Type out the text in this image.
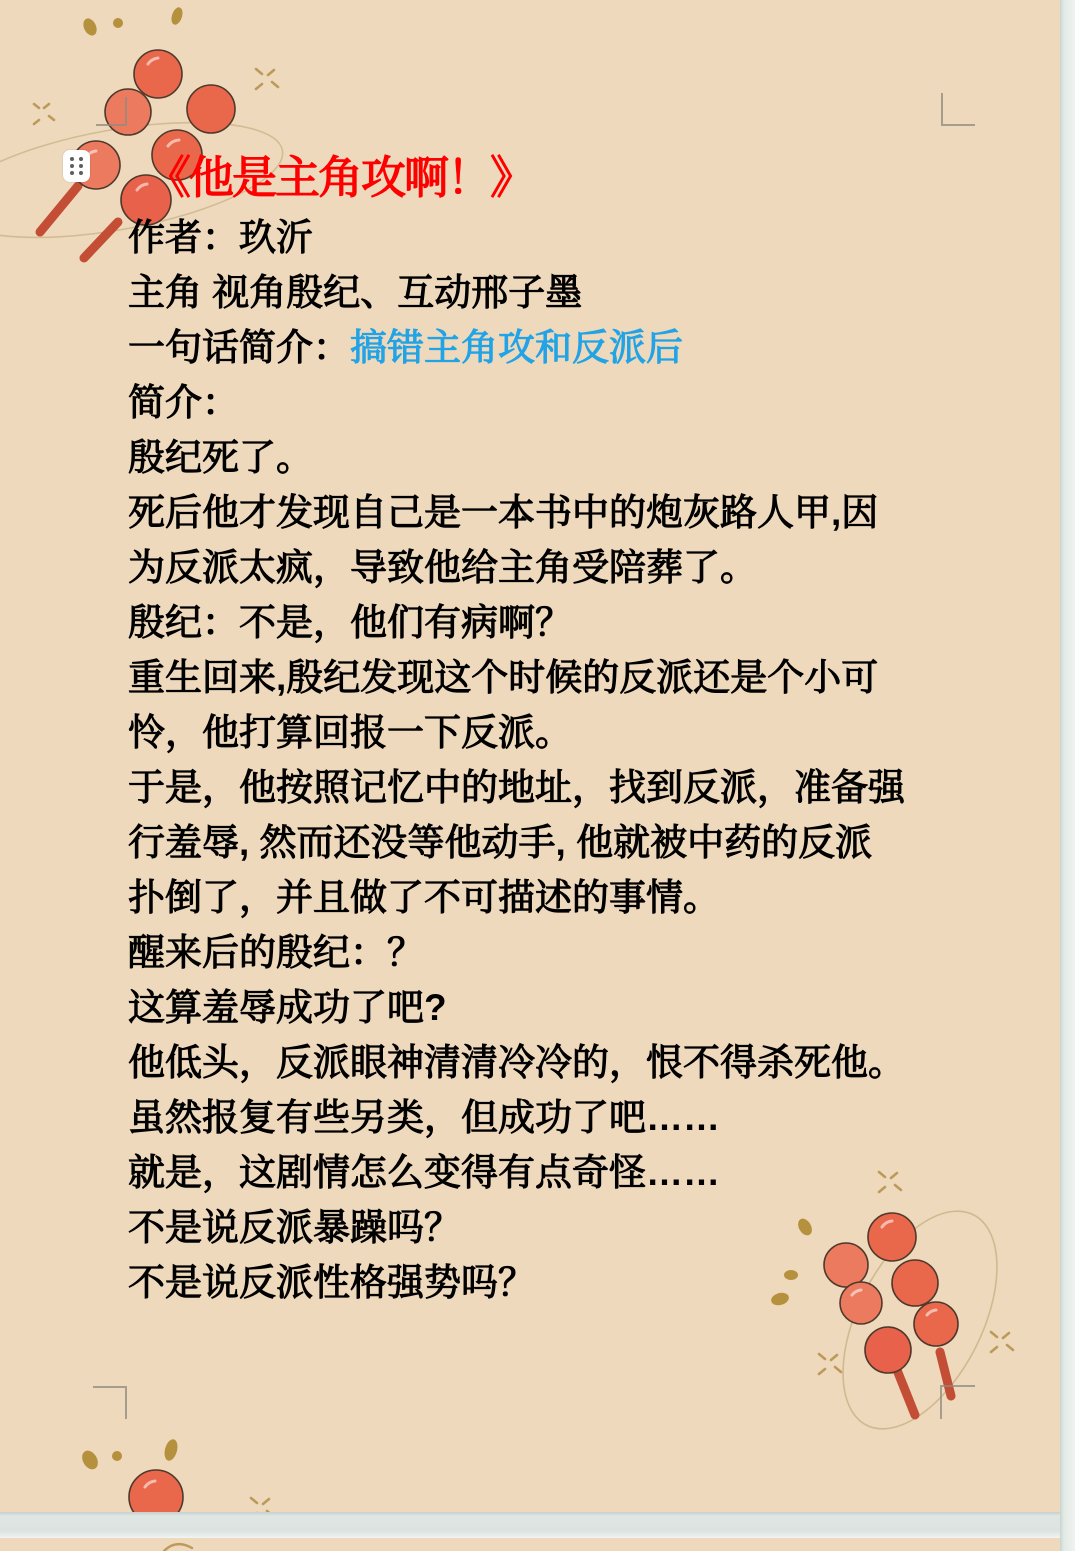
《他是主角攻啊！》
作者：玖沂
主角 视角殷纪、互动邢子墨
一句话简介：搞错主角攻和反派后
简介：
殷纪死了。
死后他才发现自己是一本书中的炮灰路人甲,因
为反派太疯，导致他给主角受陪葬了。
殷纪：不是，他们有病啊？
重生回来,殷纪发现这个时候的反派还是个小可
怜，他打算回报一下反派。
于是，他按照记忆中的地址，找到反派，准备强
行羞辱, 然而还没等他动手, 他就被中药的反派
扑倒了，并且做了不可描述的事情。
醒来后的殷纪：？
这算羞辱成功了吧?
他低头，反派眼神清清冷冷的，恨不得杀死他。
虽然报复有些另类，但成功了吧……
就是，这剧情怎么变得有点奇怪……
不是说反派暴躁吗？
不是说反派性格强势吗？
